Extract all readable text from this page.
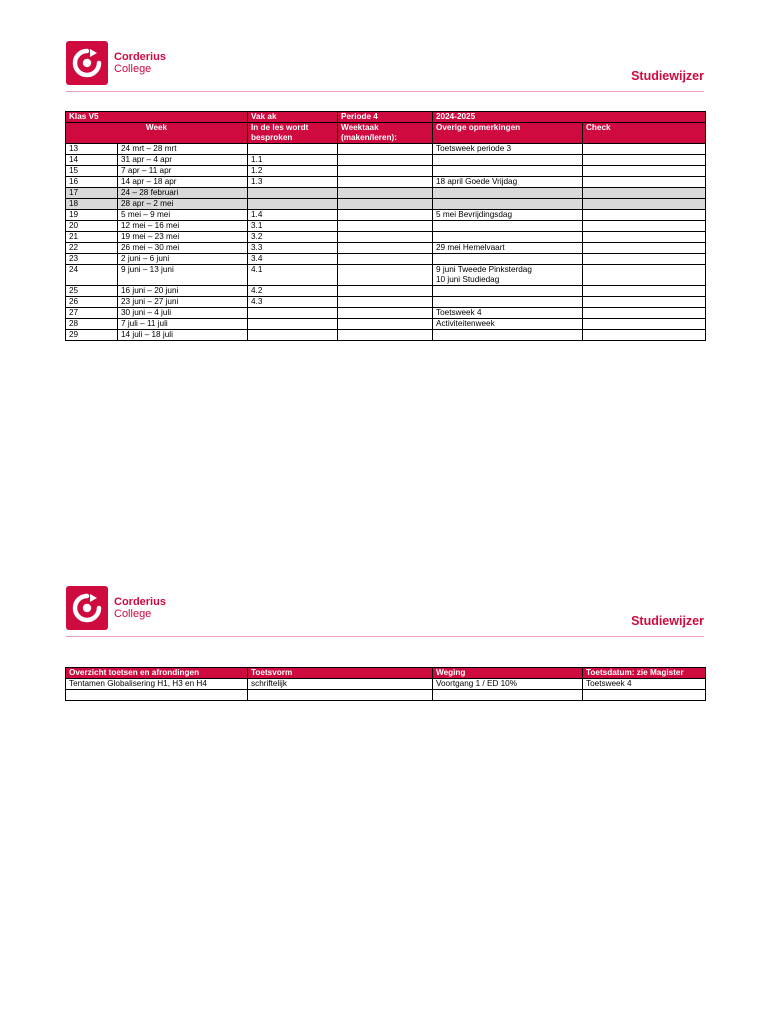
Corderius
College	Studiewijzer
Klas V5		Vak ak	Periode 4	2024-2025	
Week		In de les wordt besproken	Weektaak (maken/leren):	Overige opmerkingen	Check
13	24 mrt – 28 mrt			Toetsweek periode 3	
14	31 apr – 4 apr	1.1			
15	7 apr – 11 apr	1.2			
16	14 apr – 18 apr	1.3		18 april Goede Vrijdag	
17	24 – 28 februari				
18	28 apr – 2 mei				
19	5 mei – 9 mei	1.4		5 mei Bevrijdingsdag	
20	12 mei – 16 mei	3.1			
21	19 mei – 23 mei	3.2			
22	26 mei – 30 mei	3.3		29 mei Hemelvaart	
23	2 juni – 6 juni	3.4			
24	9 juni – 13 juni	4.1		9 juni Tweede Pinksterdag
10 juni Studiedag	

25	16 juni – 20 juni	4.2			
26	23 juni – 27 juni	4.3			
27	30 juni – 4 juli			Toetsweek 4	
28	7 juli – 11 juli			Activiteitenweek	
29	14 juli – 18 juli				
Corderius
College	Studiewijzer
Overzicht toetsen en afrondingen	Toetsvorm	Weging	Toetsdatum: zie Magister
Tentamen Globalisering H1, H3 en H4	schriftelijk	Voortgang 1 / ED 10%	Toetsweek 4
